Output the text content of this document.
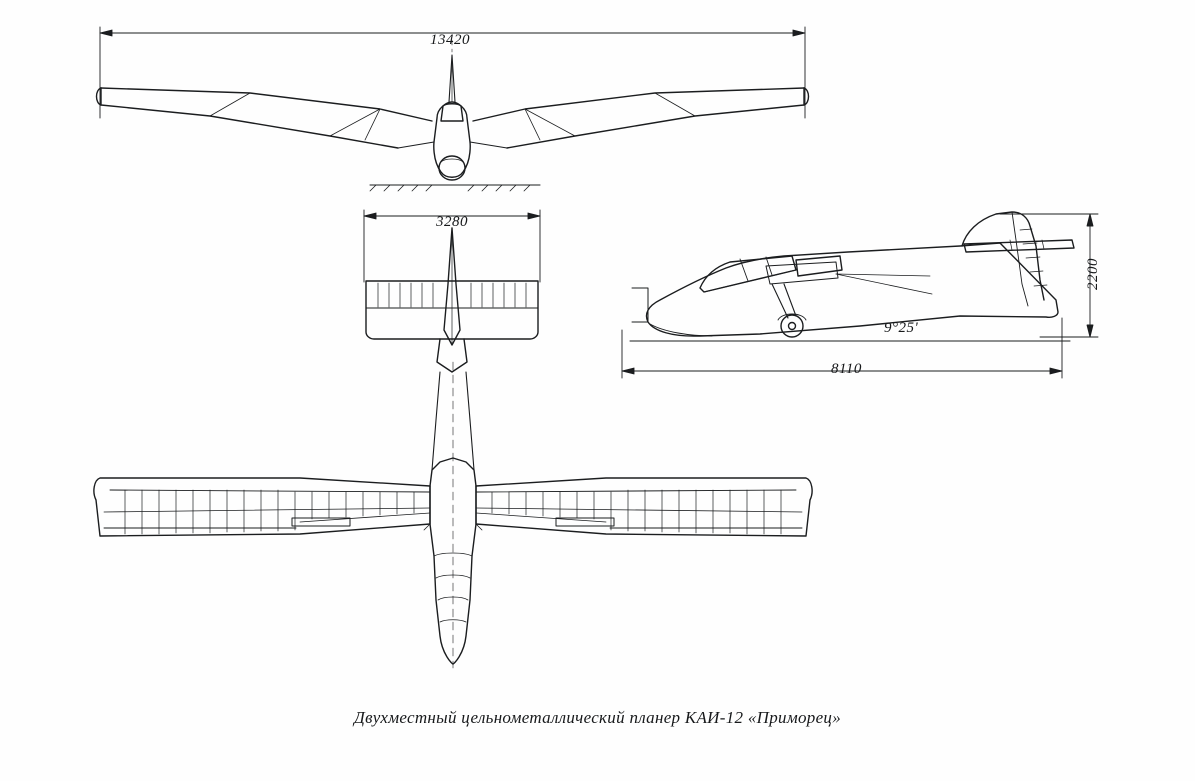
13420
3280
8110
2200
9°25'
Двухместный цельнометаллический планер КАИ-12 «Приморец»
